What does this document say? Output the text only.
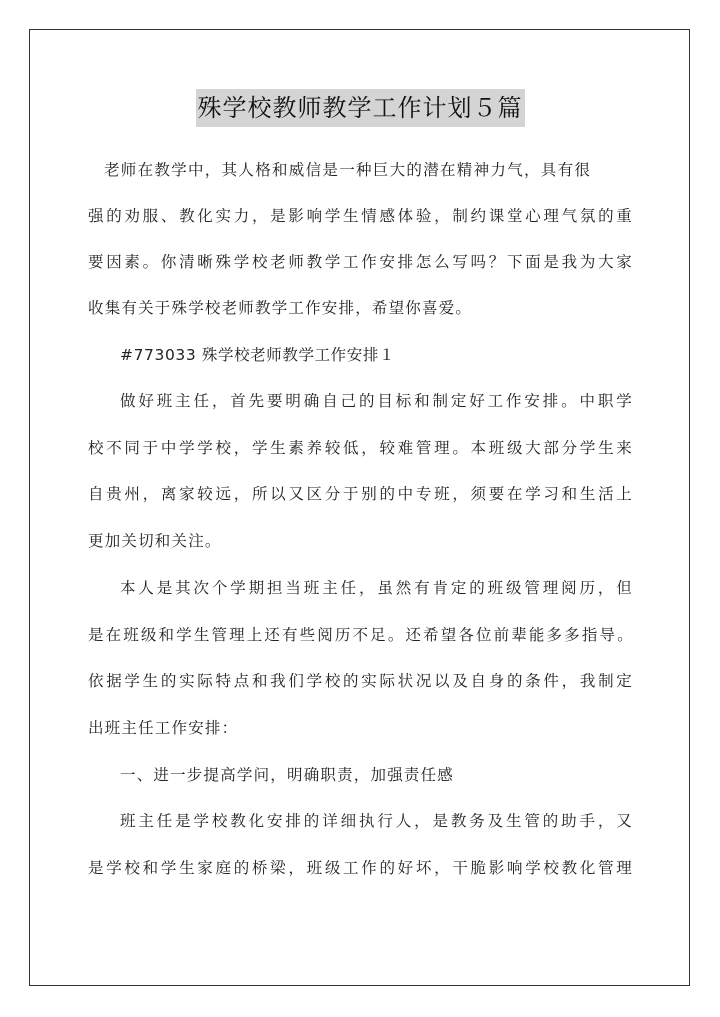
殊学校教师教学工作计划５篇
老师在教学中，其人格和威信是一种巨大的潜在精神力气，具有很
强的劝服、教化实力，是影响学生情感体验，制约课堂心理气氛的重
要因素。你清晰殊学校老师教学工作安排怎么写吗？下面是我为大家
收集有关于殊学校老师教学工作安排，希望你喜爱。
#773033 殊学校老师教学工作安排１
做好班主任，首先要明确自己的目标和制定好工作安排。中职学
校不同于中学学校，学生素养较低，较难管理。本班级大部分学生来
自贵州，离家较远，所以又区分于别的中专班，须要在学习和生活上
更加关切和关注。
本人是其次个学期担当班主任，虽然有肯定的班级管理阅历，但
是在班级和学生管理上还有些阅历不足。还希望各位前辈能多多指导。
依据学生的实际特点和我们学校的实际状况以及自身的条件，我制定
出班主任工作安排：
一、进一步提高学问，明确职责，加强责任感
班主任是学校教化安排的详细执行人，是教务及生管的助手，又
是学校和学生家庭的桥梁，班级工作的好坏，干脆影响学校教化管理
